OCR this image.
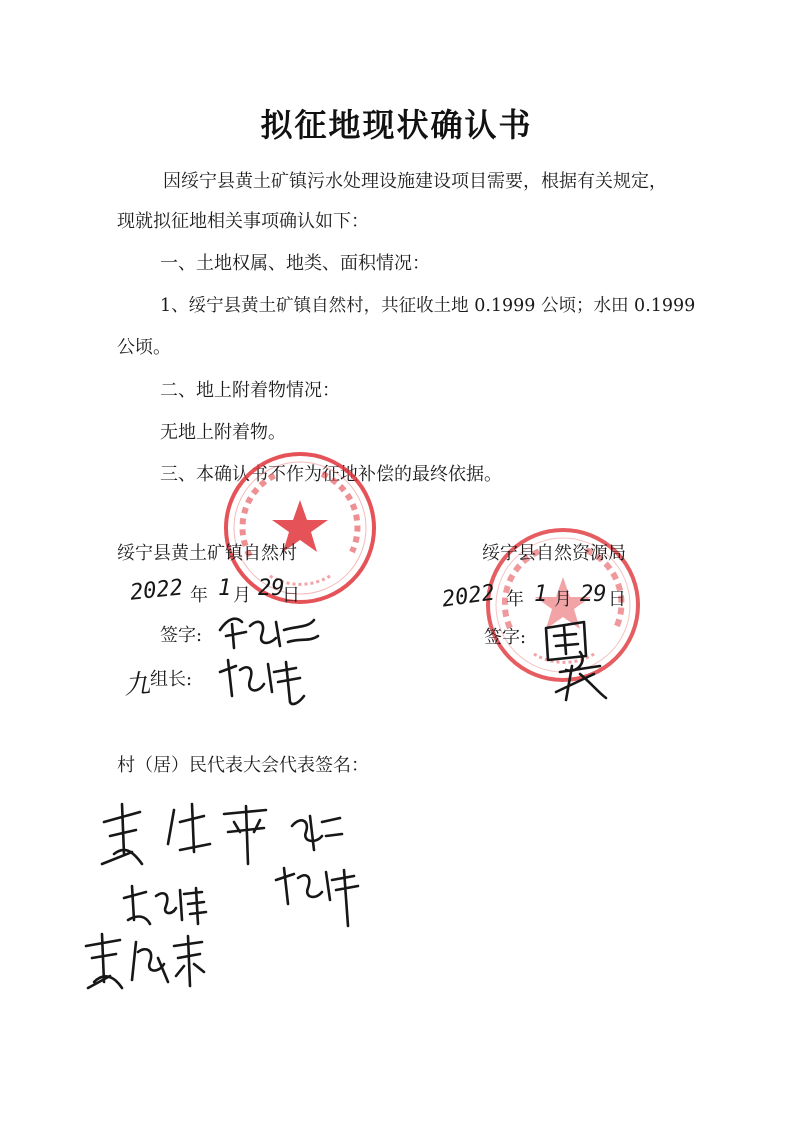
拟征地现状确认书
因绥宁县黄土矿镇污水处理设施建设项目需要，根据有关规定，
现就拟征地相关事项确认如下：
一、土地权属、地类、面积情况：
1、绥宁县黄土矿镇自然村，共征收土地 0.1999 公顷；水田 0.1999
公顷。
二、地上附着物情况：
无地上附着物。
三、本确认书不作为征地补偿的最终依据。
绥宁县黄土矿镇自然村
2022 年 1 月 29
日
签字:
九
组长:
绥宁县自然资源局
2022 年 1 月 29 日
签字:
村（居）民代表大会代表签名：
